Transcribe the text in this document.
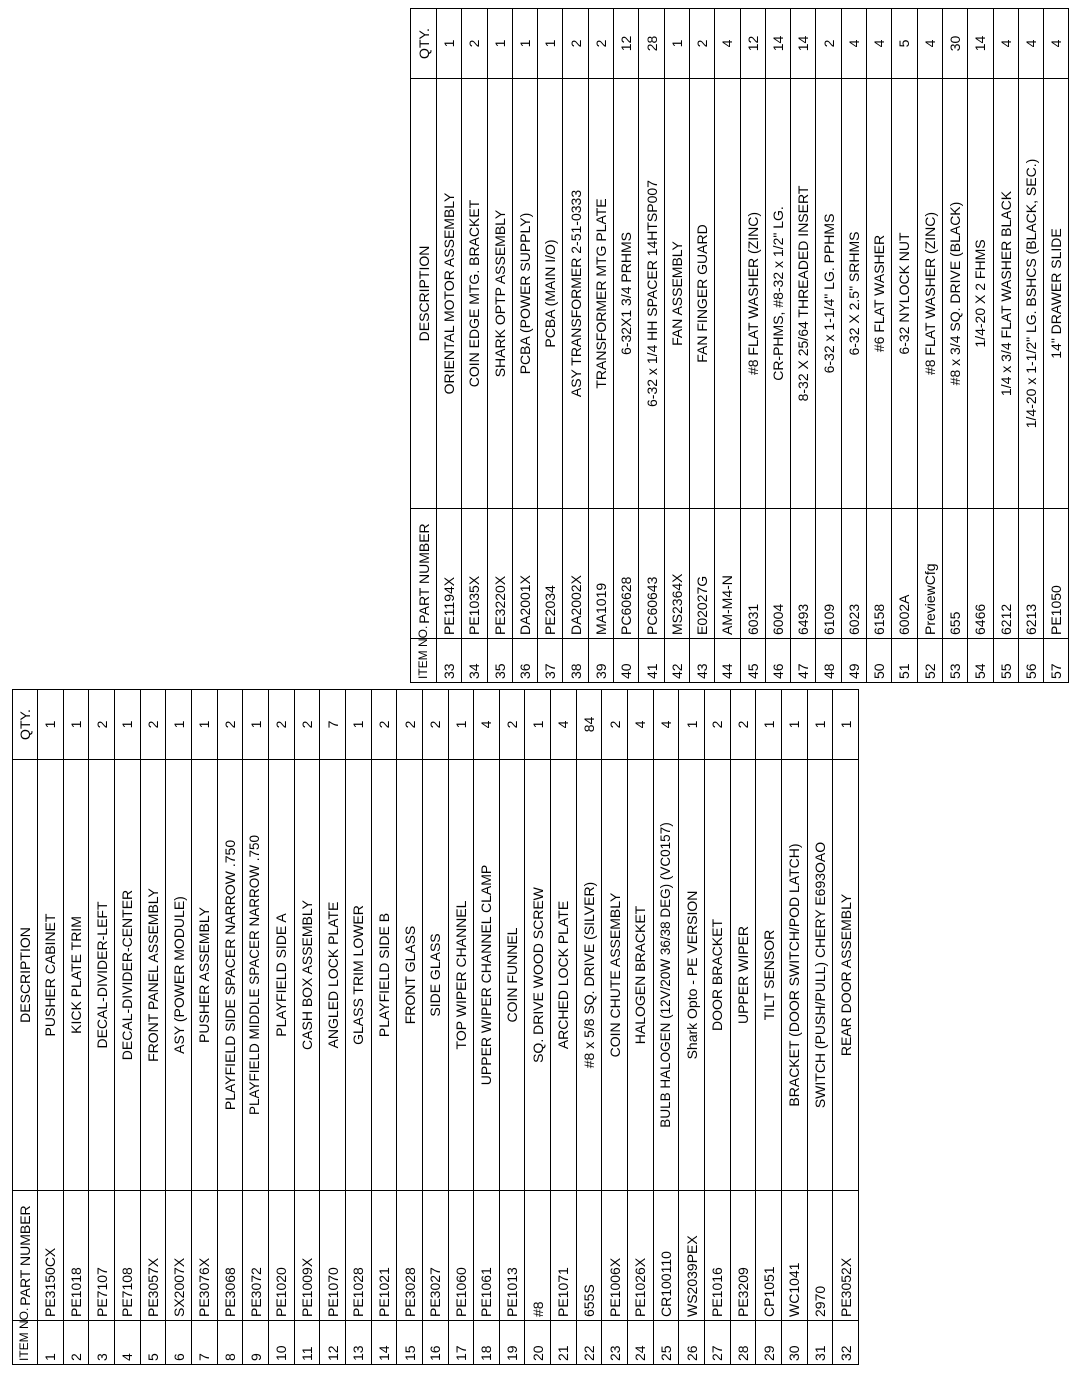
ITEM NO.	PART NUMBER	DESCRIPTION	QTY.
1	PE3150CX	PUSHER CABINET	1
2	PE1018	KICK PLATE TRIM	1
3	PE7107	DECAL-DIVIDER-LEFT	2
4	PE7108	DECAL-DIVIDER-CENTER	1
5	PE3057X	FRONT PANEL ASSEMBLY	2
6	SX2007X	ASY (POWER MODULE)	1
7	PE3076X	PUSHER ASSEMBLY	1
8	PE3068	PLAYFIELD SIDE SPACER NARROW .750	2
9	PE3072	PLAYFIELD MIDDLE SPACER NARROW .750	1
10	PE1020	PLAYFIELD SIDE A	2
11	PE1009X	CASH BOX ASSEMBLY	2
12	PE1070	ANGLED LOCK PLATE	7
13	PE1028	GLASS TRIM LOWER	1
14	PE1021	PLAYFIELD SIDE B	2
15	PE3028	FRONT GLASS	2
16	PE3027	SIDE GLASS	2
17	PE1060	TOP WIPER CHANNEL	1
18	PE1061	UPPER WIPER CHANNEL CLAMP	4
19	PE1013	COIN FUNNEL	2
20	#8	SQ. DRIVE WOOD SCREW	1
21	PE1071	ARCHED LOCK PLATE	4
22	655S	#8 x 5/8 SQ. DRIVE (SILVER)	84
23	PE1006X	COIN CHUTE ASSEMBLY	2
24	PE1026X	HALOGEN BRACKET	4
25	CR100110	BULB HALOGEN (12V/20W 36/38 DEG) (VC0157)	4
26	WS2039PEX	Shark Opto - PE VERSION	1
27	PE1016	DOOR BRACKET	2
28	PE3209	UPPER WIPER	2
29	CP1051	TILT SENSOR	1
30	WC1041	BRACKET (DOOR SWITCH/POD LATCH)	1
31	2970	SWITCH (PUSH/PULL) CHERY E693OAO	1
32	PE3052X	REAR DOOR ASSEMBLY	1
ITEM NO.	PART NUMBER	DESCRIPTION	QTY.
33	PE1194X	ORIENTAL MOTOR ASSEMBLY	1
34	PE1035X	COIN EDGE MTG. BRACKET	2
35	PE3220X	SHARK OPTP ASSEMBLY	1
36	DA2001X	PCBA (POWER SUPPLY)	1
37	PE2034	PCBA (MAIN I/O)	1
38	DA2002X	ASY TRANSFORMER 2-51-0333	2
39	MA1019	TRANSFORMER MTG PLATE	2
40	PC60628	6-32X1 3/4 PRHMS	12
41	PC60643	6-32 x 1/4 HH SPACER 14HTSP007	28
42	MS2364X	FAN ASSEMBLY	1
43	E02027G	FAN FINGER GUARD	2
44	AM-M4-N		4
45	6031	#8 FLAT WASHER (ZINC)	12
46	6004	CR-PHMS, #8-32 x 1/2" LG.	14
47	6493	8-32 X 25/64 THREADED INSERT	14
48	6109	6-32 x 1-1/4" LG. PPHMS	2
49	6023	6-32 X 2.5" SRHMS	4
50	6158	#6 FLAT WASHER	4
51	6002A	6-32 NYLOCK NUT	5
52	PreviewCfg	#8 FLAT WASHER (ZINC)	4
53	655	#8 x 3/4 SQ. DRIVE (BLACK)	30
54	6466	1/4-20 X 2 FHMS	14
55	6212	1/4 x 3/4 FLAT WASHER BLACK	4
56	6213	1/4-20 x 1-1/2" LG. BSHCS (BLACK, SEC.)	4
57	PE1050	14" DRAWER SLIDE	4
